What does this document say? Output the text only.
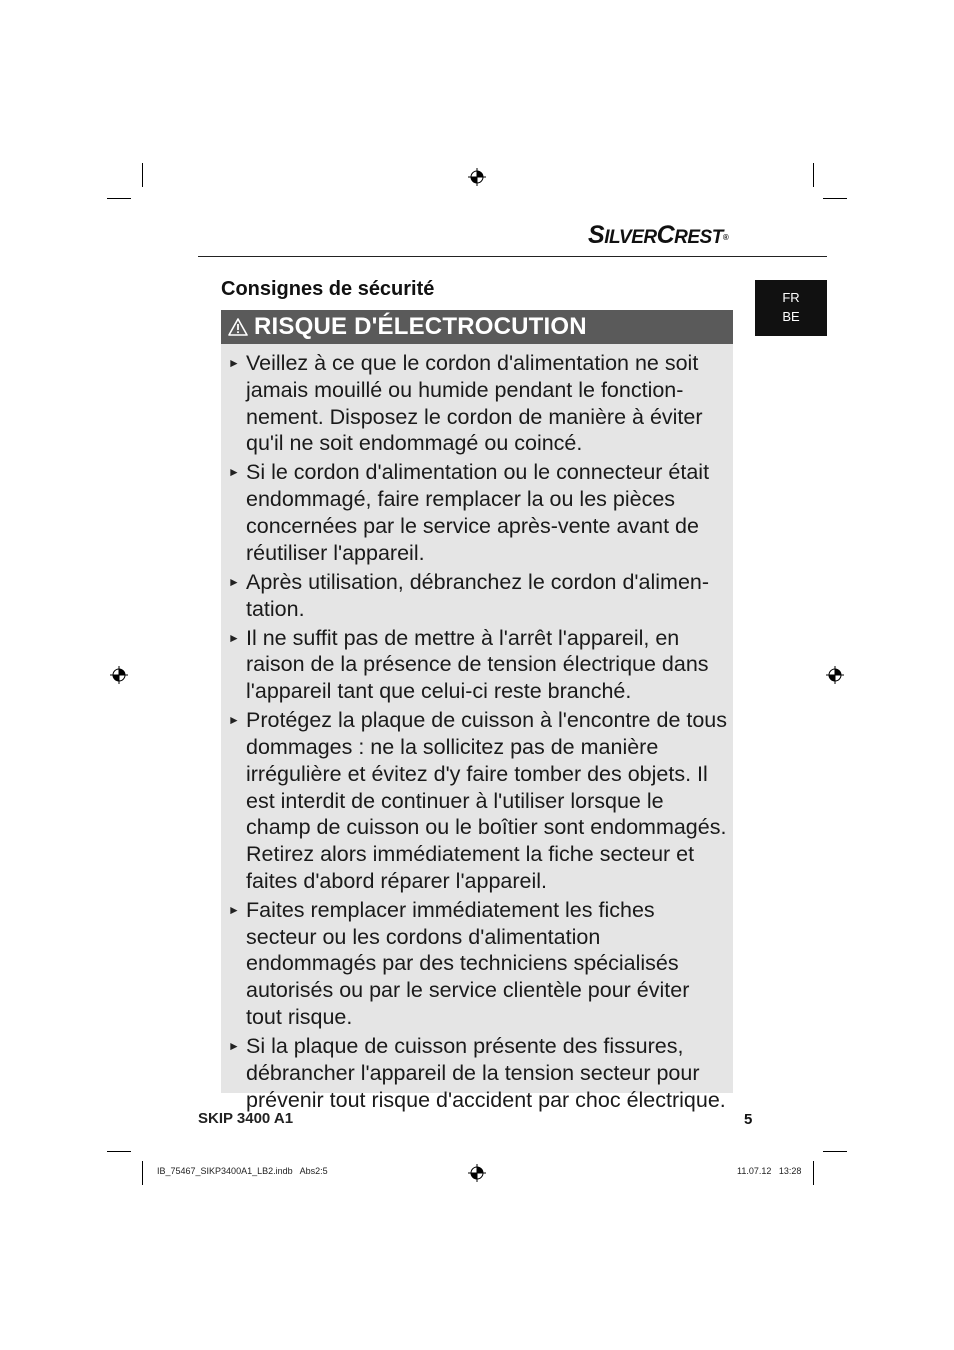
SILVERCREST®
FR
BE
Consignes de sécurité
RISQUE D'ÉLECTROCUTION
► Veillez à ce que le cordon d'alimentation ne soit jamais mouillé ou humide pendant le fonction-nement. Disposez le cordon de manière à éviter qu'il ne soit endommagé ou coincé.
► Si le cordon d'alimentation ou le connecteur était endommagé, faire remplacer la ou les pièces concernées par le service après-vente avant de réutiliser l'appareil.
► Après utilisation, débranchez le cordon d'alimen-tation.
► Il ne suffit pas de mettre à l'arrêt l'appareil, en raison de la présence de tension électrique dans l'appareil tant que celui-ci reste branché.
► Protégez la plaque de cuisson à l'encontre de tous dommages : ne la sollicitez pas de manière irrégulière et évitez d'y faire tomber des objets. Il est interdit de continuer à l'utiliser lorsque le champ de cuisson ou le boîtier sont endommagés. Retirez alors immédiatement la fiche secteur et faites d'abord réparer l'appareil.
► Faites remplacer immédiatement les fiches secteur ou les cordons d'alimentation endommagés par des techniciens spécialisés autorisés ou par le service clientèle pour éviter tout risque.
► Si la plaque de cuisson présente des fissures, débrancher l'appareil de la tension secteur pour prévenir tout risque d'accident par choc électrique.
SKIP 3400 A1	5
IB_75467_SIKP3400A1_LB2.indb   Abs2:5	11.07.12   13:28
